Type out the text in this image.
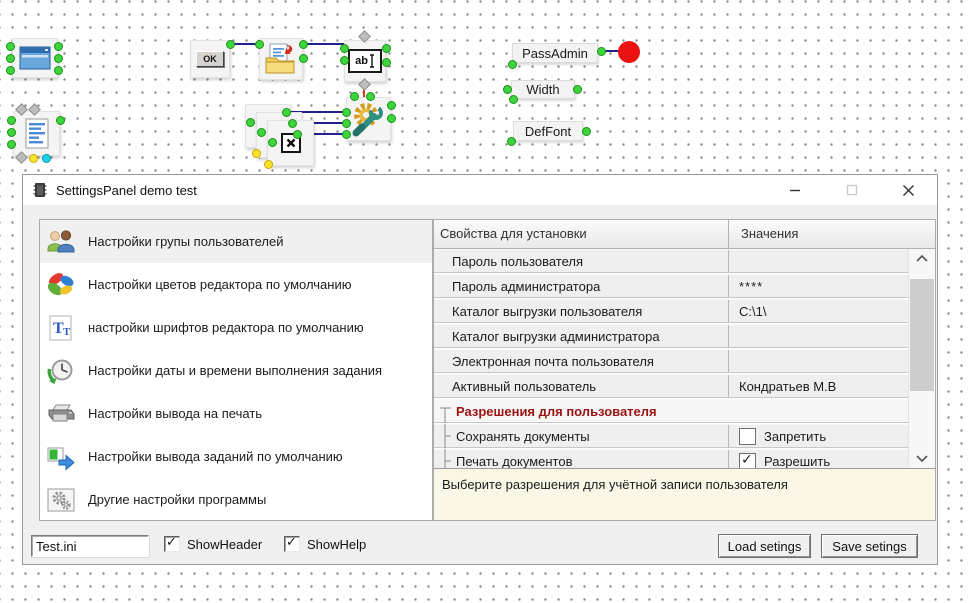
OK	ab
PassAdmin
Width
DefFont
SettingsPanel demo test
Настройки групы пользователей
Настройки цветов редактора по умолчанию
T T настройки шрифтов редактора по умолчанию
Настройки даты и времени выполнения задания
Настройки вывода на печать
Настройки вывода заданий по умолчанию
Другие настройки программы
Свойства для установки	Значения
Пароль пользователя
Пароль администратора	****
Каталог выгрузки пользователя	C:\1\
Каталог выгрузки администратора
Электронная почта пользователя
Активный пользователь	Кондратьев М.В
Разрешения для пользователя
Сохранять документы	Запретить
Печать документов ✓	Разрешить
Выберите разрешения для учётной записи пользователя
Test.ini
✓
ShowHeader ✓	ShowHelp	Load setings	Save setings
